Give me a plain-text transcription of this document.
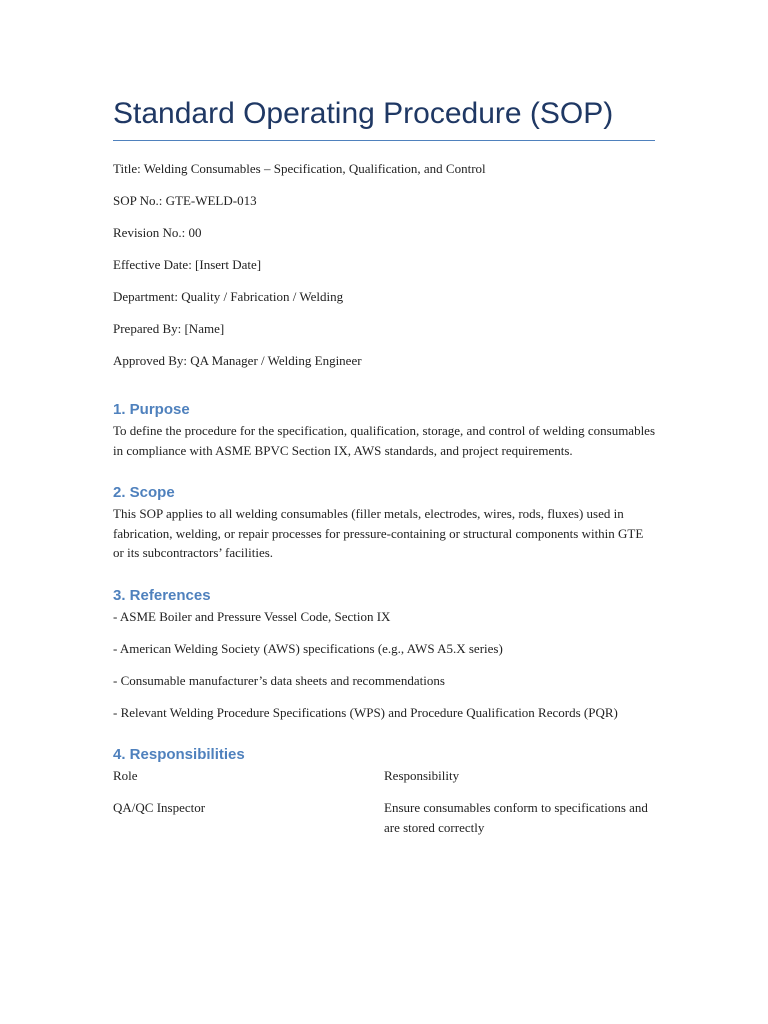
Standard Operating Procedure (SOP)

Title: Welding Consumables – Specification, Qualification, and Control

SOP No.: GTE-WELD-013

Revision No.: 00

Effective Date: [Insert Date]

Department: Quality / Fabrication / Welding

Prepared By: [Name]

Approved By: QA Manager / Welding Engineer

1. Purpose

To define the procedure for the specification, qualification, storage, and control of welding consumables in compliance with ASME BPVC Section IX, AWS standards, and project requirements.

2. Scope

This SOP applies to all welding consumables (filler metals, electrodes, wires, rods, fluxes) used in fabrication, welding, or repair processes for pressure-containing or structural components within GTE or its subcontractors’ facilities.

3. References

- ASME Boiler and Pressure Vessel Code, Section IX

- American Welding Society (AWS) specifications (e.g., AWS A5.X series)

- Consumable manufacturer’s data sheets and recommendations

- Relevant Welding Procedure Specifications (WPS) and Procedure Qualification Records (PQR)

4. Responsibilities
Role	Responsibility
QA/QC Inspector	Ensure consumables conform to specifications and are stored correctly
